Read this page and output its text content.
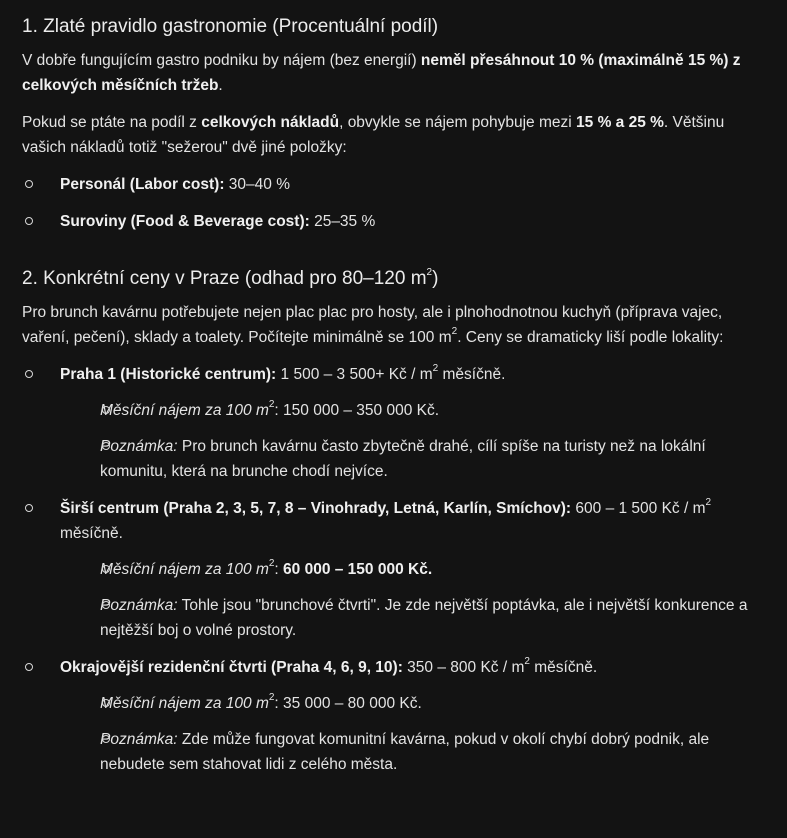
1. Zlaté pravidlo gastronomie (Procentuální podíl)

V dobře fungujícím gastro podniku by nájem (bez energií) neměl přesáhnout 10 % (maximálně 15 %) z celkových měsíčních tržeb.

Pokud se ptáte na podíl z celkových nákladů, obvykle se nájem pohybuje mezi 15 % a 25 %. Většinu vašich nákladů totiž "sežerou" dvě jiné položky:

Personál (Labor cost): 30–40 %
Suroviny (Food & Beverage cost): 25–35 %
2. Konkrétní ceny v Praze (odhad pro 80–120 $m^2$)

Pro brunch kavárnu potřebujete nejen plac plac pro hosty, ale i plnohodnotnou kuchyň (příprava vajec, vaření, pečení), sklady a toalety. Počítejte minimálně se 100 $m^2$. Ceny se dramaticky liší podle lokality:

Praha 1 (Historické centrum): 1 500 – 3 500+ Kč / $m^2$ měsíčně.
Měsíční nájem za 100 $m^2$: 150 000 – 350 000 Kč.
Poznámka: Pro brunch kavárnu často zbytečně drahé, cílí spíše na turisty než na lokální komunitu, která na brunche chodí nejvíce.
Širší centrum (Praha 2, 3, 5, 7, 8 – Vinohrady, Letná, Karlín, Smíchov): 600 – 1 500 Kč / $m^2$ měsíčně.
Měsíční nájem za 100 $m^2$: 60 000 – 150 000 Kč.
Poznámka: Tohle jsou "brunchové čtvrti". Je zde největší poptávka, ale i největší konkurence a nejtěžší boj o volné prostory.
Okrajovější rezidenční čtvrti (Praha 4, 6, 9, 10): 350 – 800 Kč / $m^2$ měsíčně.
Měsíční nájem za 100 $m^2$: 35 000 – 80 000 Kč.
Poznámka: Zde může fungovat komunitní kavárna, pokud v okolí chybí dobrý podnik, ale nebudete sem stahovat lidi z celého města.
